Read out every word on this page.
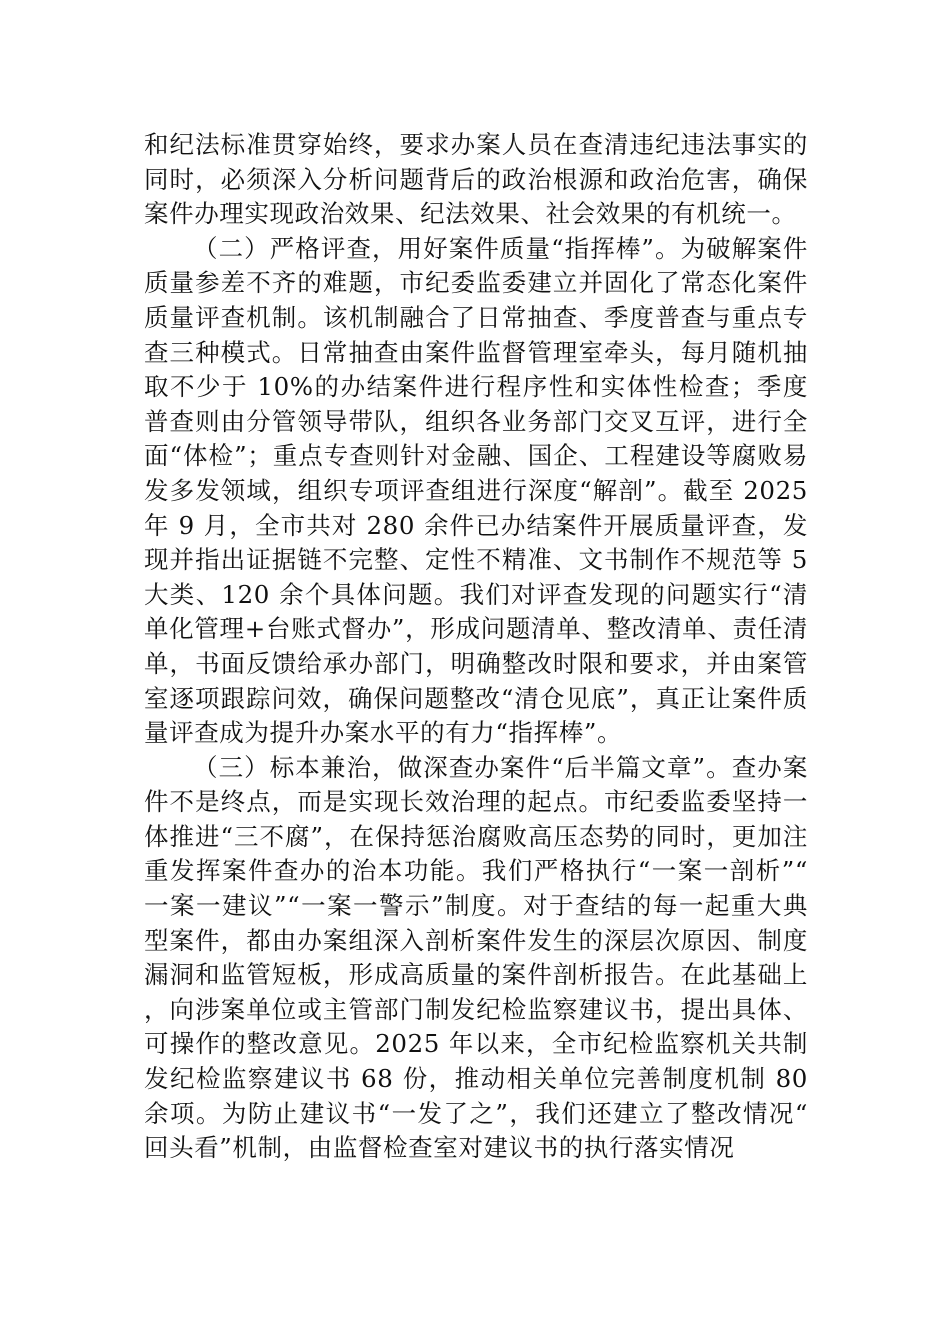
和纪法标准贯穿始终，要求办案人员在查清违纪违法事实的同时，必须深入分析问题背后的政治根源和政治危害，确保案件办理实现政治效果、纪法效果、社会效果的有机统一。

（二）严格评查，用好案件质量“指挥棒”。为破解案件质量参差不齐的难题，市纪委监委建立并固化了常态化案件质量评查机制。该机制融合了日常抽查、季度普查与重点专查三种模式。日常抽查由案件监督管理室牵头，每月随机抽取不少于 10%的办结案件进行程序性和实体性检查；季度普查则由分管领导带队，组织各业务部门交叉互评，进行全面“体检”；重点专查则针对金融、国企、工程建设等腐败易发多发领域，组织专项评查组进行深度“解剖”。截至 2025 年 9 月，全市共对 280 余件已办结案件开展质量评查，发现并指出证据链不完整、定性不精准、文书制作不规范等 5 大类、120 余个具体问题。我们对评查发现的问题实行“清单化管理+台账式督办”，形成问题清单、整改清单、责任清单，书面反馈给承办部门，明确整改时限和要求，并由案管室逐项跟踪问效，确保问题整改“清仓见底”，真正让案件质量评查成为提升办案水平的有力“指挥棒”。

（三）标本兼治，做深查办案件“后半篇文章”。查办案件不是终点，而是实现长效治理的起点。市纪委监委坚持一体推进“三不腐”，在保持惩治腐败高压态势的同时，更加注重发挥案件查办的治本功能。我们严格执行“一案一剖析”“一案一建议”“一案一警示”制度。对于查结的每一起重大典型案件，都由办案组深入剖析案件发生的深层次原因、制度漏洞和监管短板，形成高质量的案件剖析报告。在此基础上，向涉案单位或主管部门制发纪检监察建议书，提出具体、可操作的整改意见。2025 年以来，全市纪检监察机关共制发纪检监察建议书 68 份，推动相关单位完善制度机制 80 余项。为防止建议书“一发了之”，我们还建立了整改情况“回头看”机制，由监督检查室对建议书的执行落实情况
